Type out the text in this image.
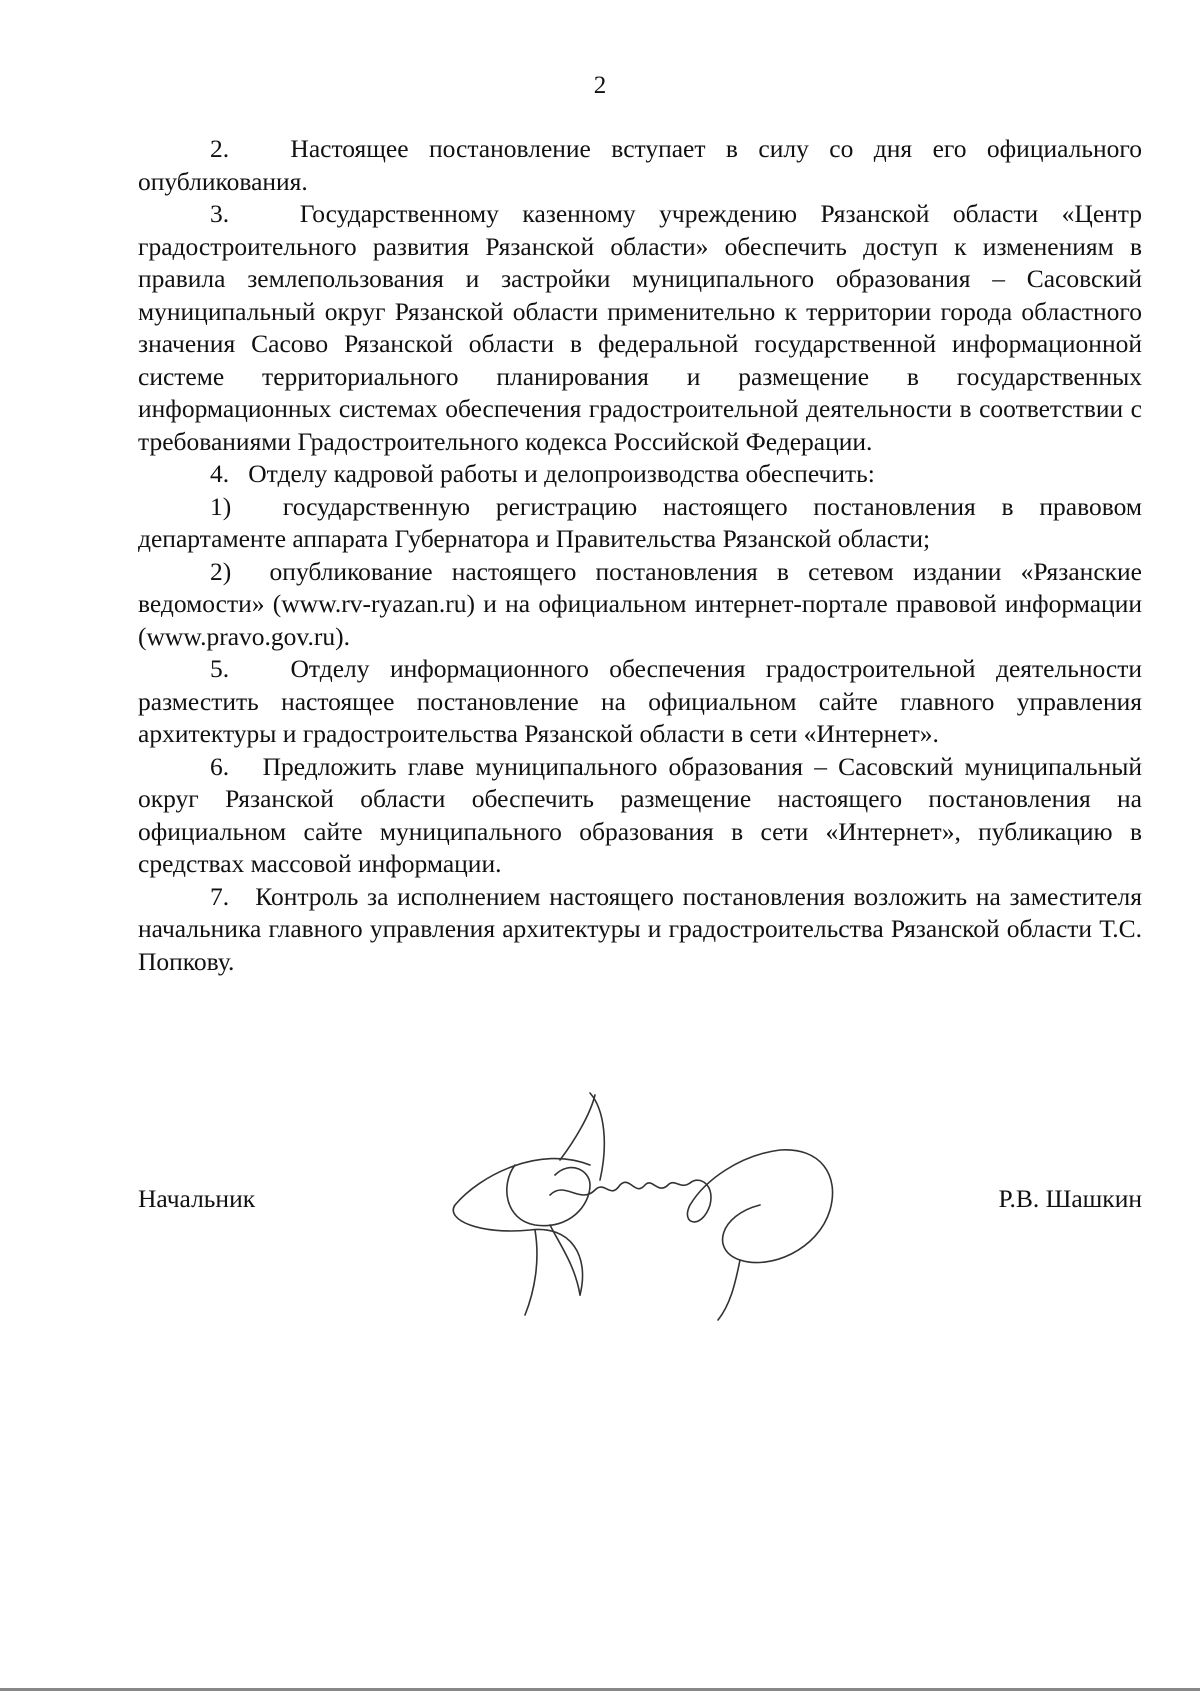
2

2.   Настоящее постановление вступает в силу со дня его официального опубликования.

3.   Государственному казенному учреждению Рязанской области «Центр градостроительного развития Рязанской области» обеспечить доступ к изменениям в правила землепользования и застройки муниципального образования – Сасовский муниципальный округ Рязанской области применительно к территории города областного значения Сасово Рязанской области в федеральной государственной информационной системе территориального планирования и размещение в государственных информационных системах обеспечения градостроительной деятельности в соответствии с требованиями Градостроительного кодекса Российской Федерации.

4.   Отделу кадровой работы и делопроизводства обеспечить:

1)  государственную регистрацию настоящего постановления в правовом департаменте аппарата Губернатора и Правительства Рязанской области;

2)  опубликование настоящего постановления в сетевом издании «Рязанские ведомости» (www.rv-ryazan.ru) и на официальном интернет-портале правовой информации (www.pravo.gov.ru).

5.   Отделу информационного обеспечения градостроительной деятельности разместить настоящее постановление на официальном сайте главного управления архитектуры и градостроительства Рязанской области в сети «Интернет».

6.   Предложить главе муниципального образования – Сасовский муниципальный округ Рязанской области обеспечить размещение настоящего постановления на официальном сайте муниципального образования в сети «Интернет», публикацию в средствах массовой информации.

7.   Контроль за исполнением настоящего постановления возложить на заместителя начальника главного управления архитектуры и градостроительства Рязанской области Т.С. Попкову.

Начальник	Р.В. Шашкин
